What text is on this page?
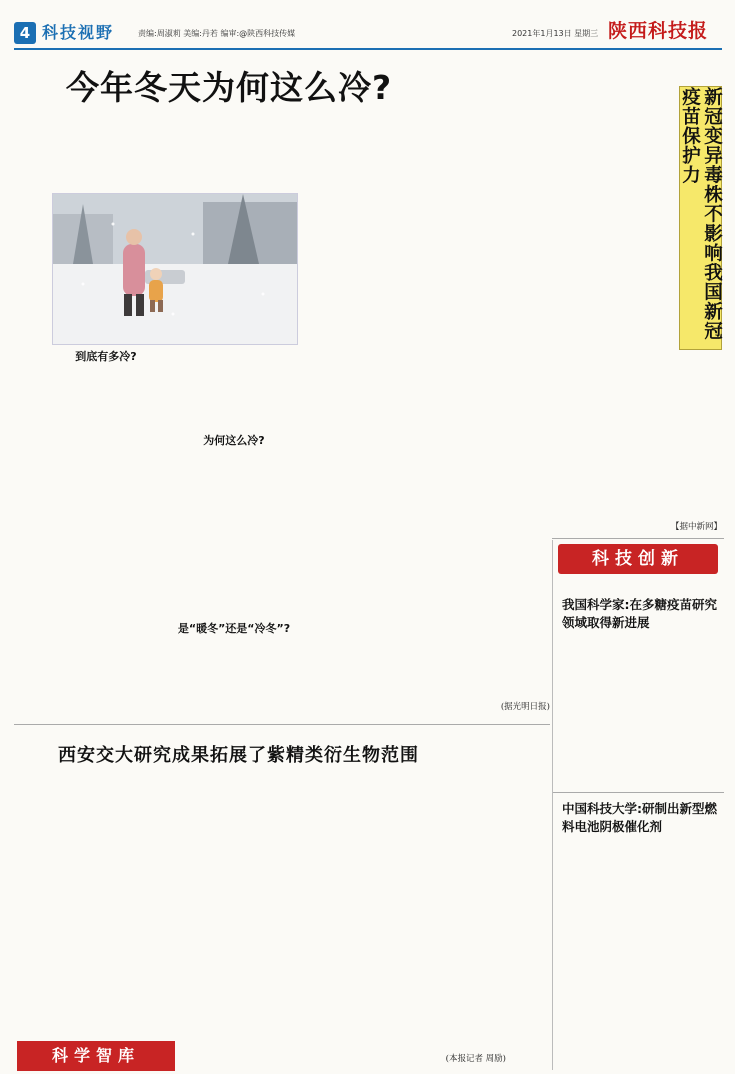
4 科技视野	责编:周淑莉 美编:丹若 编审:@陕西科技传媒	2021年1月13日 星期三 陕西科技报
今年冬天为何这么冷?

到底有多冷?

为何这么冷?

是“暖冬”还是“冷冬”?

(据光明日报)

新冠变异毒株不影响我国新冠疫苗保护力

【据中新网】
科技创新
我国科学家:在多糖疫苗研究领域取得新进展

中国科技大学:研制出新型燃料电池阴极催化剂

西安交大研究成果拓展了紫精类衍生物范围

(本报记者 周励)
科学智库
